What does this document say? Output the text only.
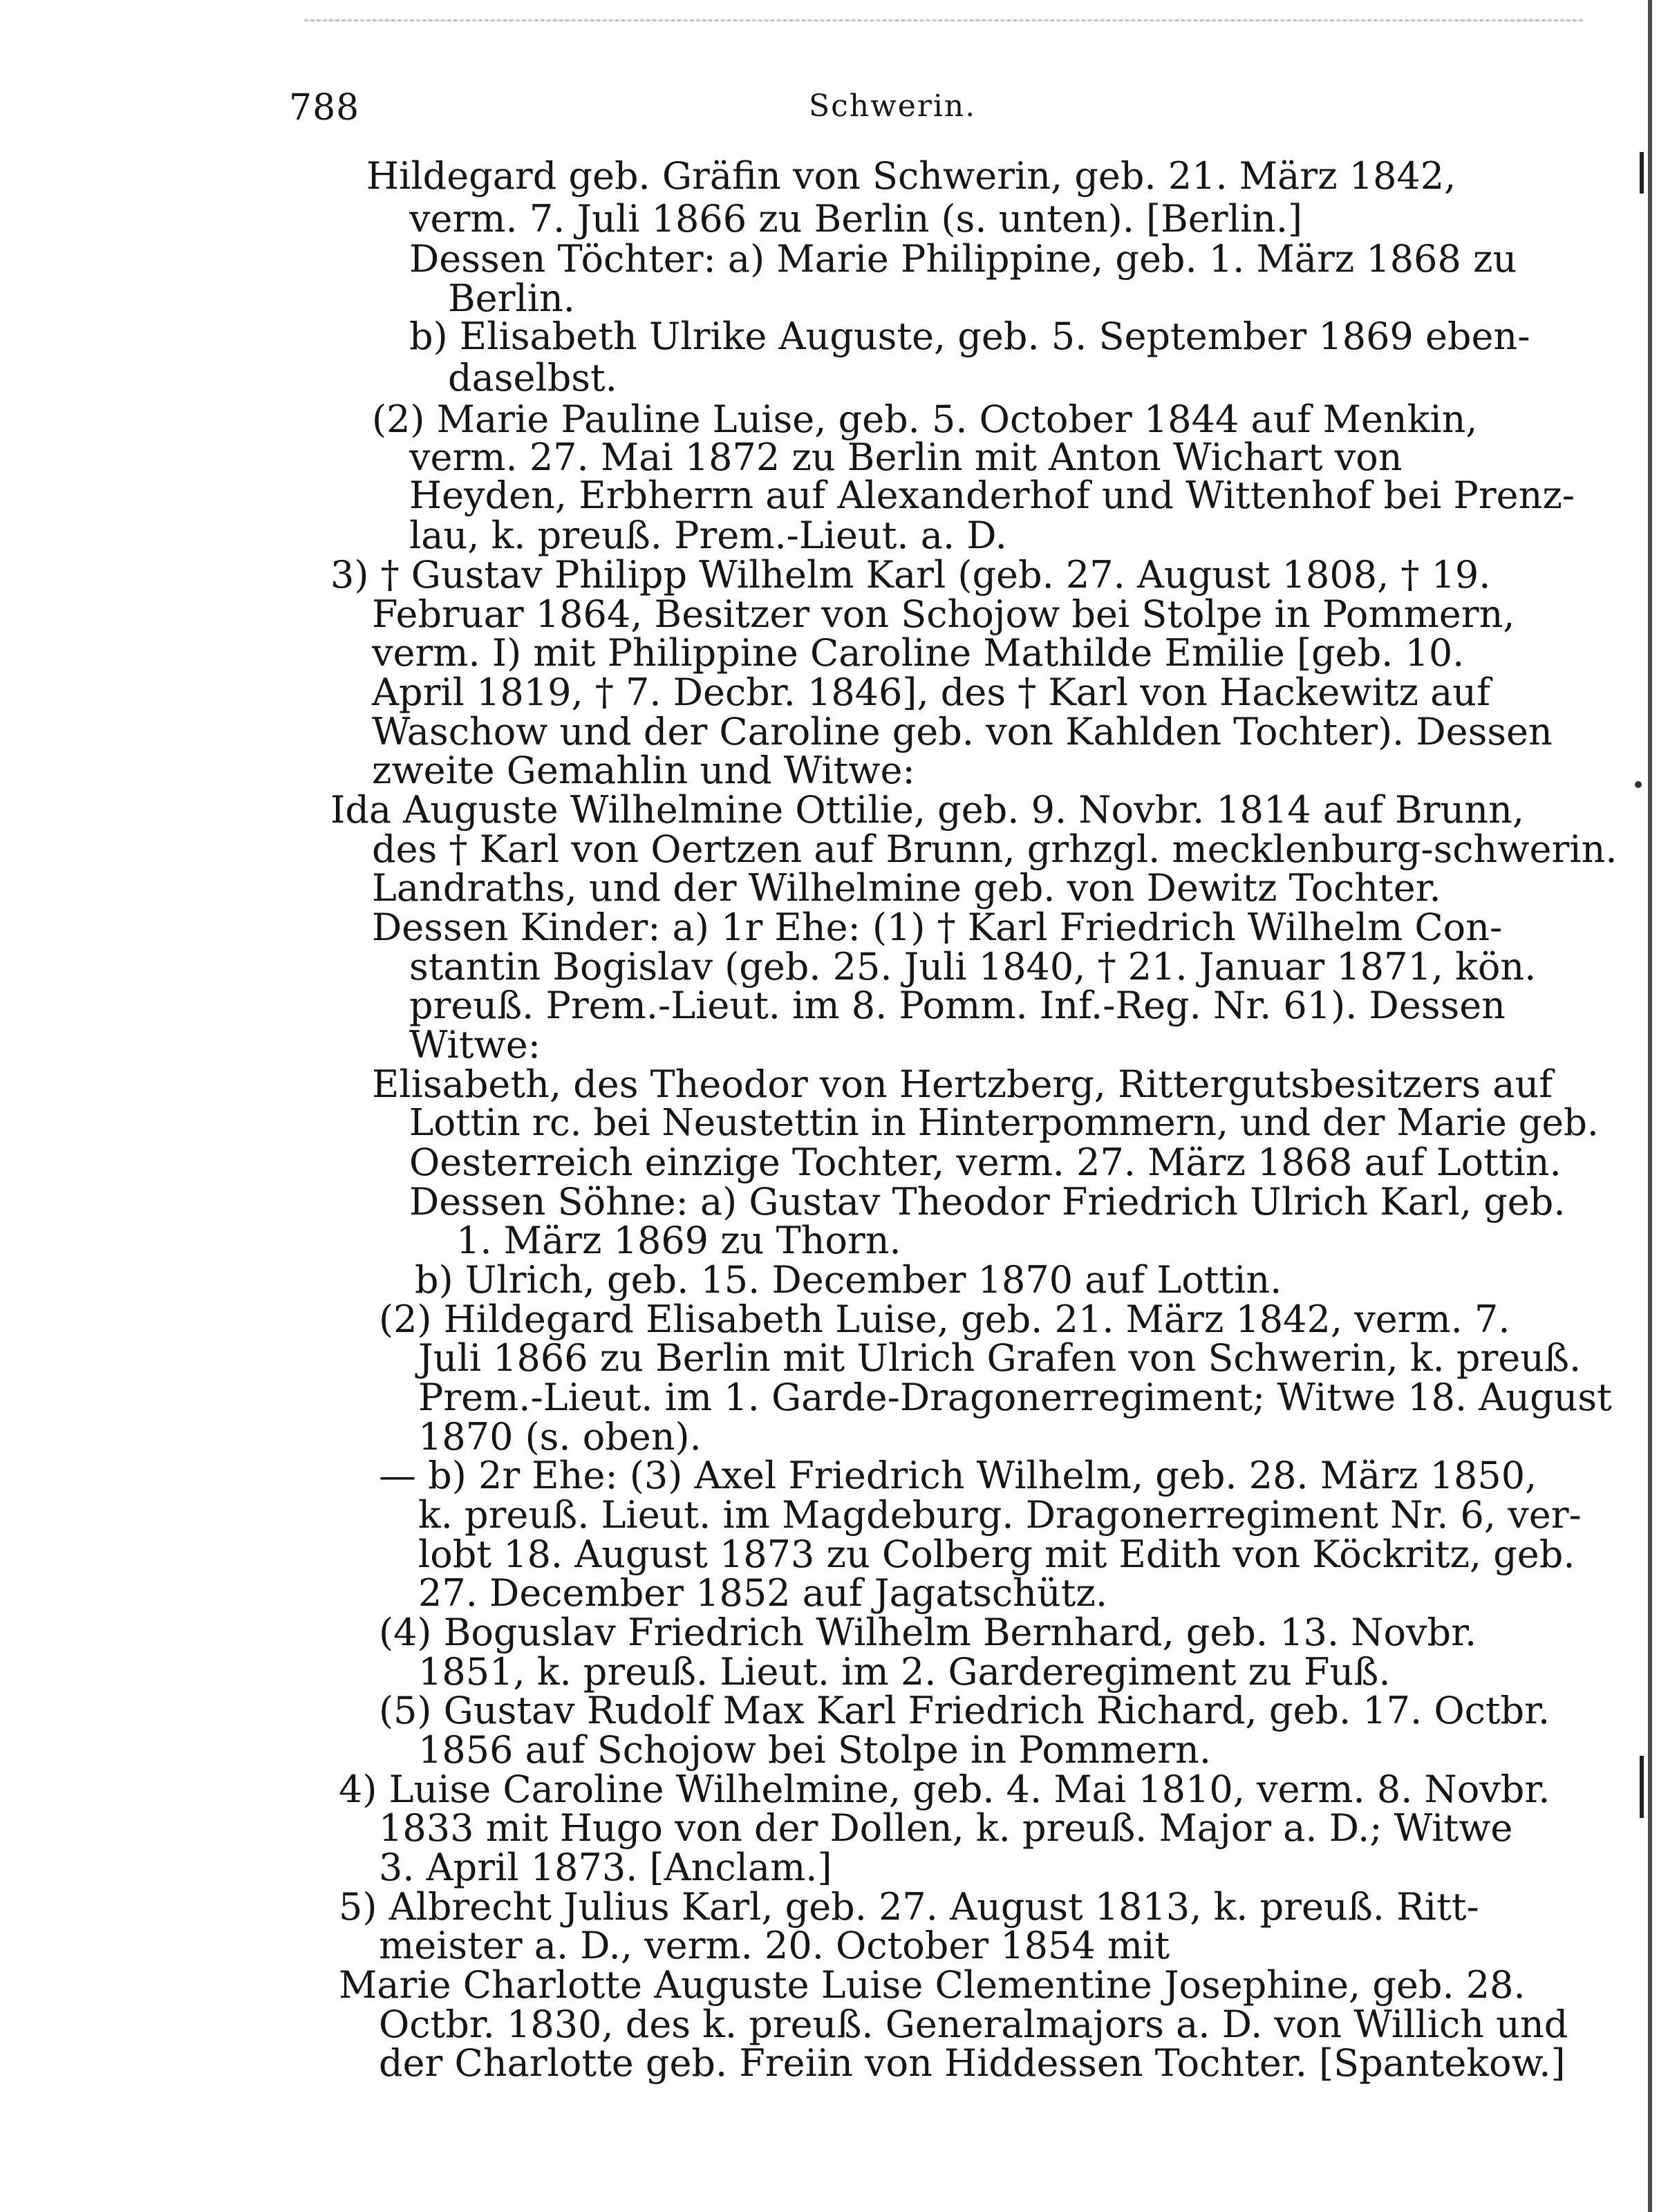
788	Schwerin.
Hildegard geb. Gräfin von Schwerin, geb. 21. März 1842,
verm. 7. Juli 1866 zu Berlin (s. unten). [Berlin.]
Dessen Töchter: a) Marie Philippine, geb. 1. März 1868 zu
Berlin.
b) Elisabeth Ulrike Auguste, geb. 5. September 1869 eben-
daselbst.
(2) Marie Pauline Luise, geb. 5. October 1844 auf Menkin,
verm. 27. Mai 1872 zu Berlin mit Anton Wichart von
Heyden, Erbherrn auf Alexanderhof und Wittenhof bei Prenz-
lau, k. preuß. Prem.-Lieut. a. D.
3) † Gustav Philipp Wilhelm Karl (geb. 27. August 1808, † 19.
Februar 1864, Besitzer von Schojow bei Stolpe in Pommern,
verm. I) mit Philippine Caroline Mathilde Emilie [geb. 10.
April 1819, † 7. Decbr. 1846], des † Karl von Hackewitz auf
Waschow und der Caroline geb. von Kahlden Tochter). Dessen
zweite Gemahlin und Witwe:
Ida Auguste Wilhelmine Ottilie, geb. 9. Novbr. 1814 auf Brunn,
des † Karl von Oertzen auf Brunn, grhzgl. mecklenburg-schwerin.
Landraths, und der Wilhelmine geb. von Dewitz Tochter.
Dessen Kinder: a) 1r Ehe: (1) † Karl Friedrich Wilhelm Con-
stantin Bogislav (geb. 25. Juli 1840, † 21. Januar 1871, kön.
preuß. Prem.-Lieut. im 8. Pomm. Inf.-Reg. Nr. 61). Dessen
Witwe:
Elisabeth, des Theodor von Hertzberg, Rittergutsbesitzers auf
Lottin rc. bei Neustettin in Hinterpommern, und der Marie geb.
Oesterreich einzige Tochter, verm. 27. März 1868 auf Lottin.
Dessen Söhne: a) Gustav Theodor Friedrich Ulrich Karl, geb.
1. März 1869 zu Thorn.
b) Ulrich, geb. 15. December 1870 auf Lottin.
(2) Hildegard Elisabeth Luise, geb. 21. März 1842, verm. 7.
Juli 1866 zu Berlin mit Ulrich Grafen von Schwerin, k. preuß.
Prem.-Lieut. im 1. Garde-Dragonerregiment; Witwe 18. August
1870 (s. oben).
— b) 2r Ehe: (3) Axel Friedrich Wilhelm, geb. 28. März 1850,
k. preuß. Lieut. im Magdeburg. Dragonerregiment Nr. 6, ver-
lobt 18. August 1873 zu Colberg mit Edith von Köckritz, geb.
27. December 1852 auf Jagatschütz.
(4) Boguslav Friedrich Wilhelm Bernhard, geb. 13. Novbr.
1851, k. preuß. Lieut. im 2. Garderegiment zu Fuß.
(5) Gustav Rudolf Max Karl Friedrich Richard, geb. 17. Octbr.
1856 auf Schojow bei Stolpe in Pommern.
4) Luise Caroline Wilhelmine, geb. 4. Mai 1810, verm. 8. Novbr.
1833 mit Hugo von der Dollen, k. preuß. Major a. D.; Witwe
3. April 1873. [Anclam.]
5) Albrecht Julius Karl, geb. 27. August 1813, k. preuß. Ritt-
meister a. D., verm. 20. October 1854 mit
Marie Charlotte Auguste Luise Clementine Josephine, geb. 28.
Octbr. 1830, des k. preuß. Generalmajors a. D. von Willich und
der Charlotte geb. Freiin von Hiddessen Tochter. [Spantekow.]
